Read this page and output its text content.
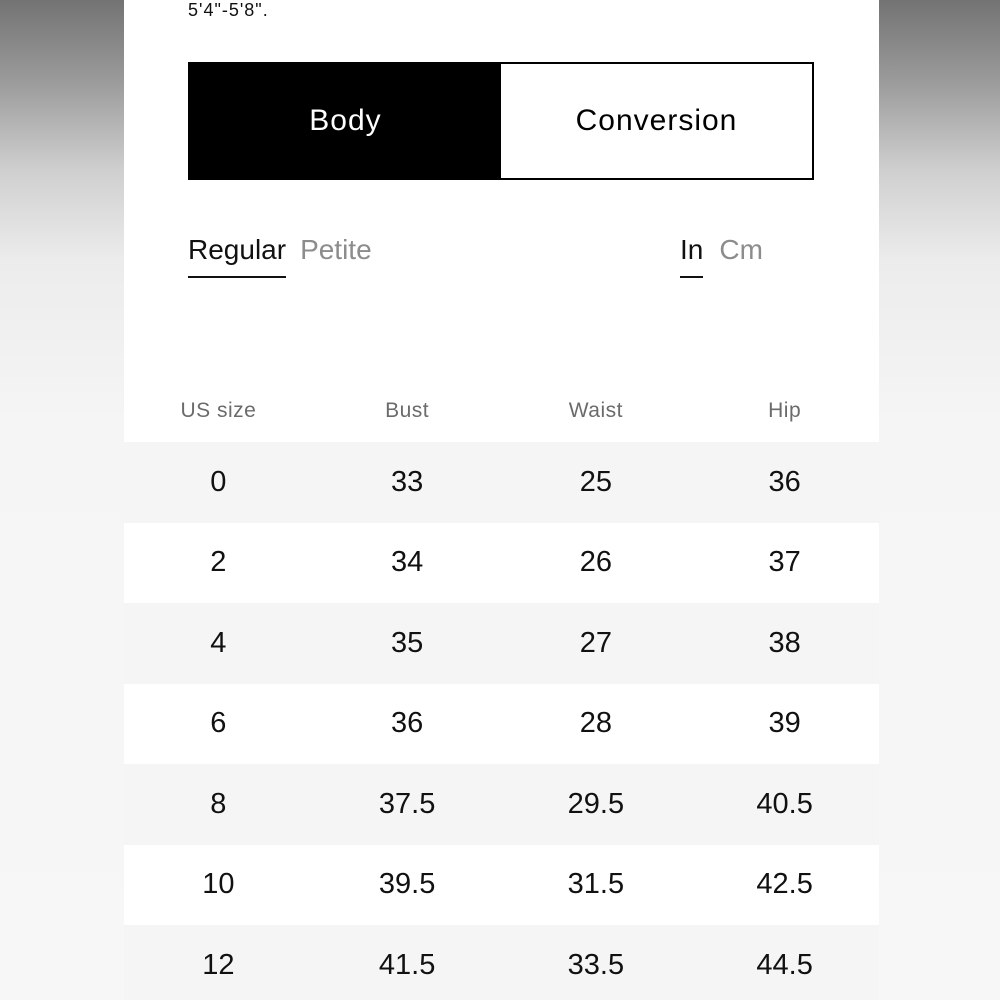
5'4"-5'8".
Body	Conversion
Regular Petite	In Cm
US size	Bust	Waist	Hip
0	33	25	36
2	34	26	37
4	35	27	38
6	36	28	39
8	37.5	29.5	40.5
10	39.5	31.5	42.5
12	41.5	33.5	44.5
